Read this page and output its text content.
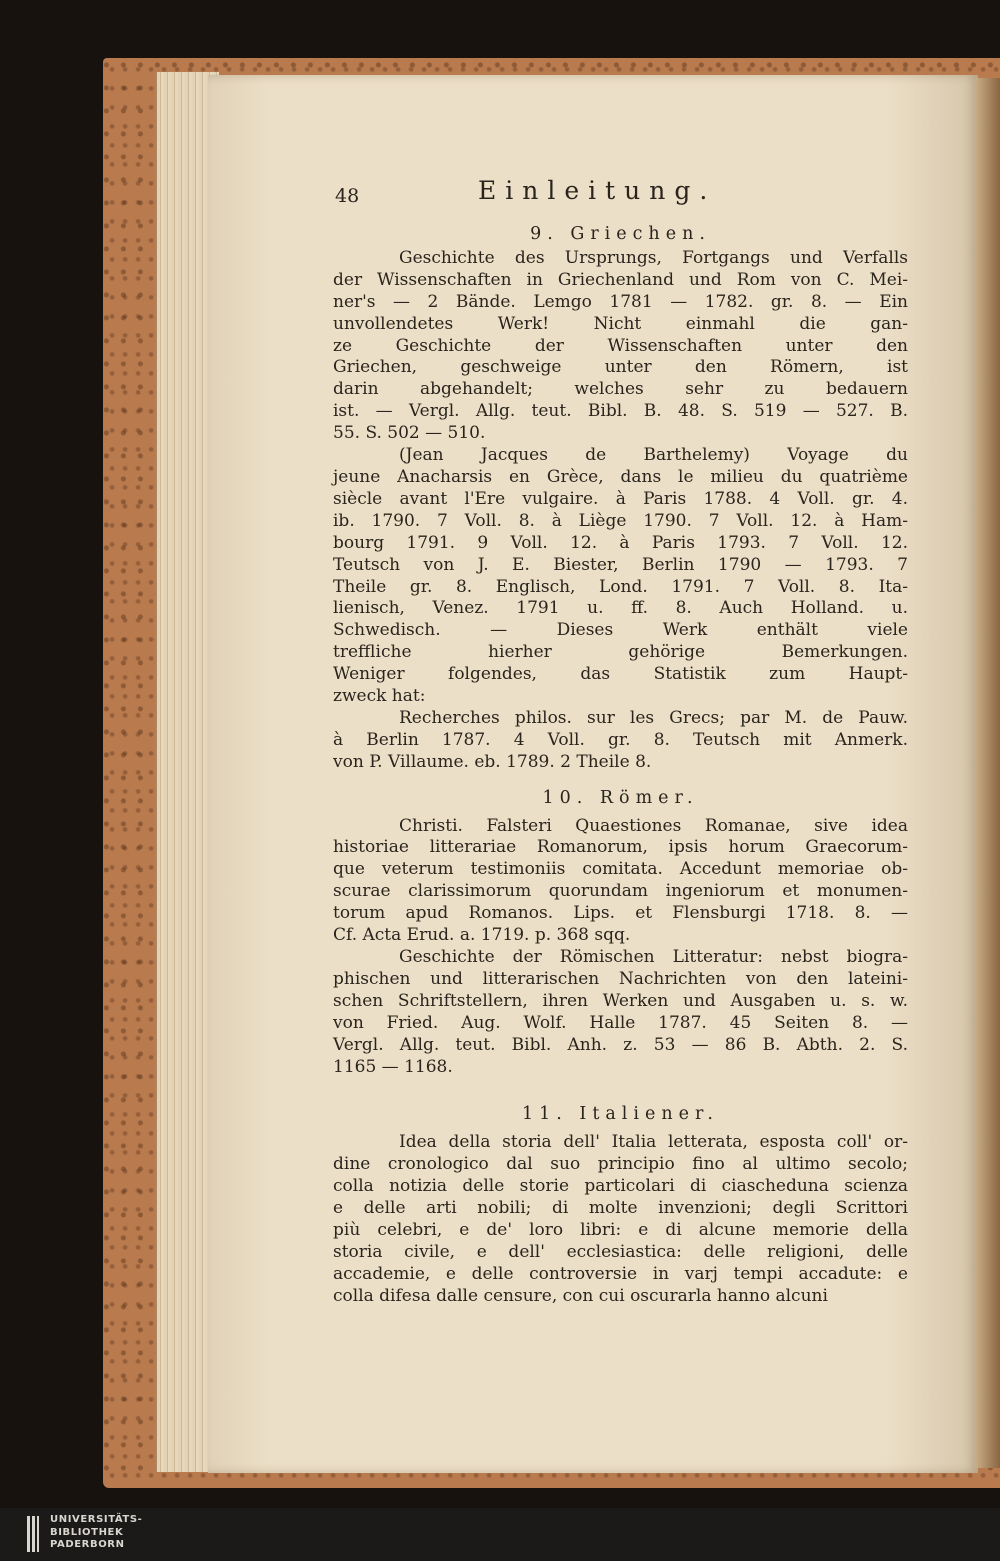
48	Einleitung.
9. Griechen.
Geschichte des Ursprungs, Fortgangs und Verfalls
der Wissenschaften in Griechenland und Rom von C. Mei-
ner's — 2 Bände. Lemgo 1781 — 1782. gr. 8. — Ein
unvollendetes Werk! Nicht einmahl die gan-
ze Geschichte der Wissenschaften unter den
Griechen, geschweige unter den Römern, ist
darin abgehandelt; welches sehr zu bedauern
ist. — Vergl. Allg. teut. Bibl. B. 48. S. 519 — 527. B.
55. S. 502 — 510.
(Jean Jacques de Barthelemy) Voyage du
jeune Anacharsis en Grèce, dans le milieu du quatrième
siècle avant l'Ere vulgaire. à Paris 1788. 4 Voll. gr. 4.
ib. 1790. 7 Voll. 8. à Liège 1790. 7 Voll. 12. à Ham-
bourg 1791. 9 Voll. 12. à Paris 1793. 7 Voll. 12.
Teutsch von J. E. Biester, Berlin 1790 — 1793. 7
Theile gr. 8. Englisch, Lond. 1791. 7 Voll. 8. Ita-
lienisch, Venez. 1791 u. ff. 8. Auch Holland. u.
Schwedisch. — Dieses Werk enthält viele
treffliche hierher gehörige Bemerkungen.
Weniger folgendes, das Statistik zum Haupt-
zweck hat:
Recherches philos. sur les Grecs; par M. de Pauw.
à Berlin 1787. 4 Voll. gr. 8. Teutsch mit Anmerk.
von P. Villaume. eb. 1789. 2 Theile 8.
10. Römer.
Christi. Falsteri Quaestiones Romanae, sive idea
historiae litterariae Romanorum, ipsis horum Graecorum-
que veterum testimoniis comitata. Accedunt memoriae ob-
scurae clarissimorum quorundam ingeniorum et monumen-
torum apud Romanos. Lips. et Flensburgi 1718. 8. —
Cf. Acta Erud. a. 1719. p. 368 sqq.
Geschichte der Römischen Litteratur: nebst biogra-
phischen und litterarischen Nachrichten von den lateini-
schen Schriftstellern, ihren Werken und Ausgaben u. s. w.
von Fried. Aug. Wolf. Halle 1787. 45 Seiten 8. —
Vergl. Allg. teut. Bibl. Anh. z. 53 — 86 B. Abth. 2. S.
1165 — 1168.
11. Italiener.
Idea della storia dell' Italia letterata, esposta coll' or-
dine cronologico dal suo principio fino al ultimo secolo;
colla notizia delle storie particolari di ciascheduna scienza
e delle arti nobili; di molte invenzioni; degli Scrittori
più celebri, e de' loro libri: e di alcune memorie della
storia civile, e dell' ecclesiastica: delle religioni, delle
accademie, e delle controversie in varj tempi accadute: e
colla difesa dalle censure, con cui oscurarla hanno alcuni
UNIVERSITÄTS-
BIBLIOTHEK
PADERBORN
